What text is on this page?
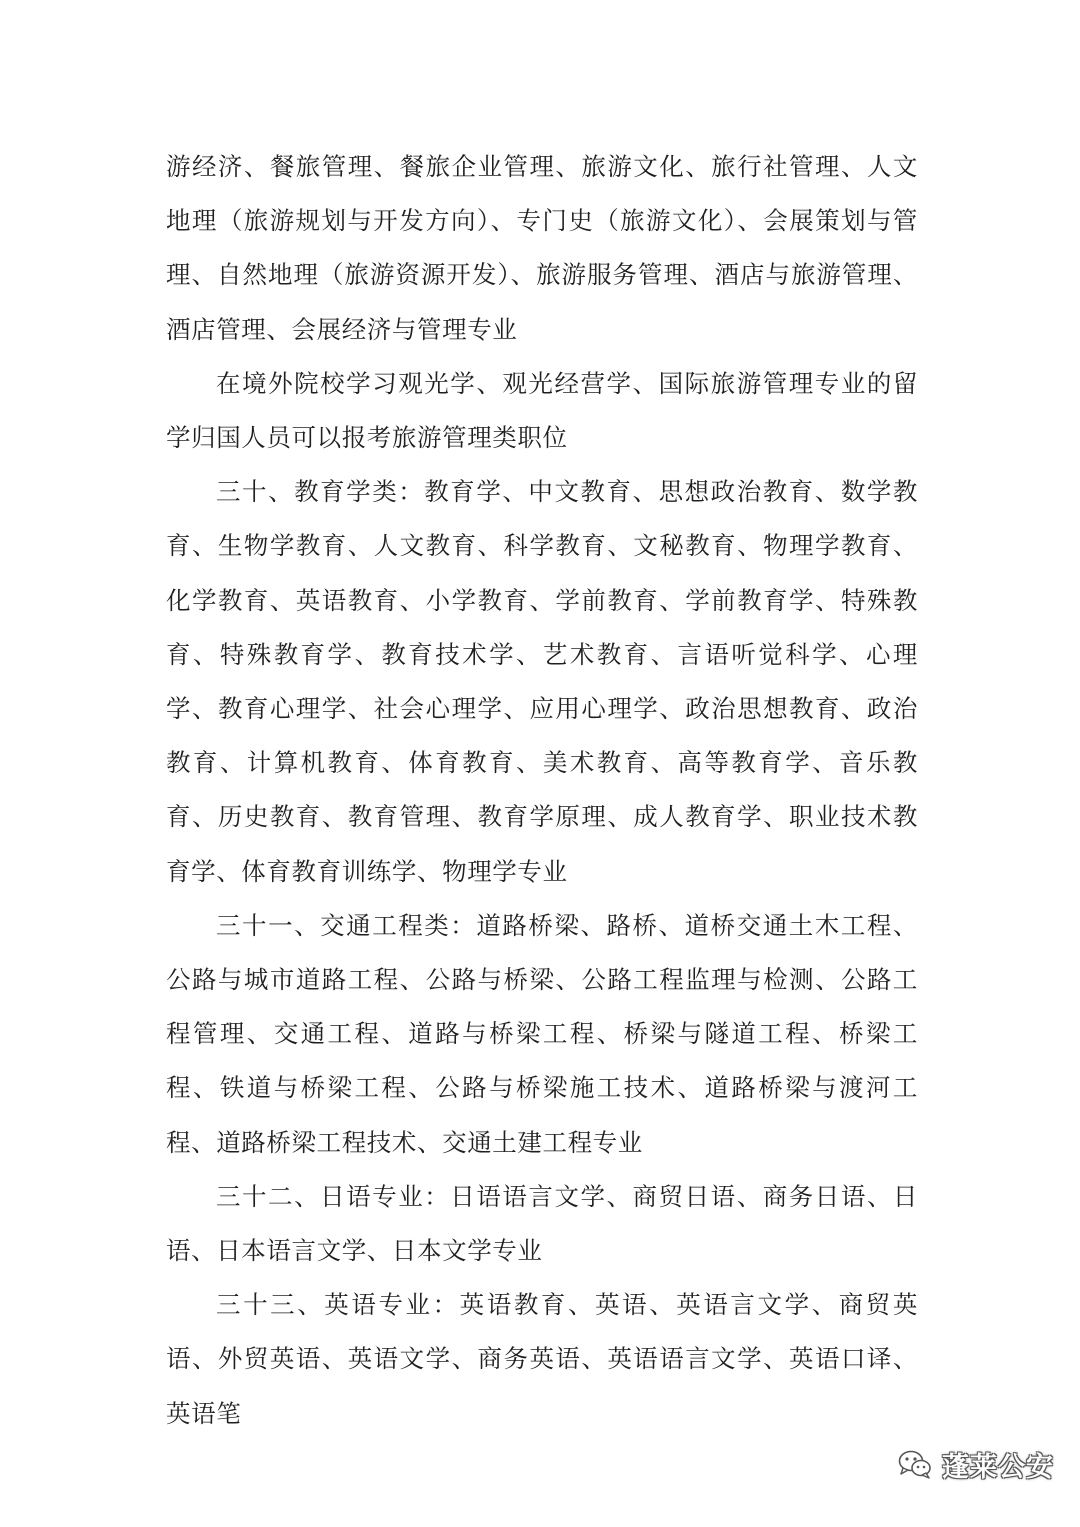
游经济、餐旅管理、餐旅企业管理、旅游文化、旅行社管理、人文地理（旅游规划与开发方向）、专门史（旅游文化）、会展策划与管理、自然地理（旅游资源开发）、旅游服务管理、酒店与旅游管理、酒店管理、会展经济与管理专业

在境外院校学习观光学、观光经营学、国际旅游管理专业的留学归国人员可以报考旅游管理类职位

三十、教育学类：教育学、中文教育、思想政治教育、数学教育、生物学教育、人文教育、科学教育、文秘教育、物理学教育、化学教育、英语教育、小学教育、学前教育、学前教育学、特殊教育、特殊教育学、教育技术学、艺术教育、言语听觉科学、心理学、教育心理学、社会心理学、应用心理学、政治思想教育、政治教育、计算机教育、体育教育、美术教育、高等教育学、音乐教育、历史教育、教育管理、教育学原理、成人教育学、职业技术教育学、体育教育训练学、物理学专业

三十一、交通工程类：道路桥梁、路桥、道桥交通土木工程、公路与城市道路工程、公路与桥梁、公路工程监理与检测、公路工程管理、交通工程、道路与桥梁工程、桥梁与隧道工程、桥梁工程、铁道与桥梁工程、公路与桥梁施工技术、道路桥梁与渡河工程、道路桥梁工程技术、交通土建工程专业

三十二、日语专业：日语语言文学、商贸日语、商务日语、日语、日本语言文学、日本文学专业

三十三、英语专业：英语教育、英语、英语言文学、商贸英语、外贸英语、英语文学、商务英语、英语语言文学、英语口译、英语笔

蓬莱公安
